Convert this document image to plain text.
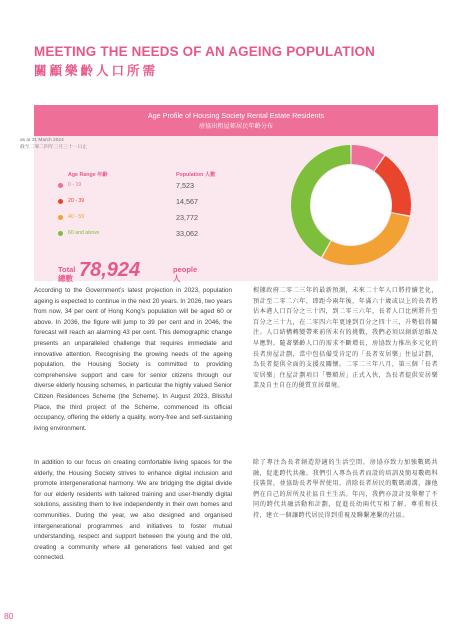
MEETING THE NEEDS OF AN AGEING POPULATION
關顧樂齡人口所需
Age Profile of Housing Society Rental Estate Residents
房協出租屋邨居民年齡分布
as at 31 March 2024
截至二零二四年三月三十一日止
Age Range 年齡	Population 人數
0 - 19	7,523
20 - 39	14,567
40 - 59	23,772
60 and above	33,062
Total
總數 78,924	people
人
According to the Government’s latest projection in 2023, population ageing is expected to continue in the next 20 years. In 2026, two years from now, 34 per cent of Hong Kong’s population will be aged 60 or above. In 2036, the figure will jump to 39 per cent and in 2046, the forecast will reach an alarming 43 per cent. This demographic change presents an unparalleled challenge that requires immediate and innovative attention. Recognising the growing needs of the ageing population, the Housing Society is committed to providing comprehensive support and care for senior citizens through our diverse elderly housing schemes, in particular the highly valued Senior Citizen Residences Scheme (the Scheme). In August 2023, Blissful Place, the third project of the Scheme, commenced its official occupancy, offering the elderly a quality, worry-free and self-sustaining living environment.
In addition to our focus on creating comfortable living spaces for the elderly, the Housing Society strives to enhance digital inclusion and promote intergenerational harmony. We are bridging the digital divide for our elderly residents with tailored training and user-friendly digital solutions, assisting them to live independently in their own homes and communities. During the year, we also designed and organised intergenerational programmes and initiatives to foster mutual understanding, respect and support between the young and the old, creating a community where all generations feel valued and get connected.
根據政府二零二三年的最新預測，未來二十年人口將持續老化，預計至二零二六年，即距今兩年後，年滿六十歲或以上的長者將佔本港人口百分之三十四，到二零三六年，長者人口比例將升至百分之三十九，在二零四六年更達到百分之四十三，升勢值得關注。人口結構轉變帶來前所未有的挑戰，我們必須以創新思維及早應對。隨著樂齡人口的需求不斷增長，房協致力推出多元化的長者房屋計劃，當中包括備受肯定的「長者安居樂」住屋計劃，為長者提供全面的支援及關懷。二零二三年八月，第三個「長者安居樂」住屋計劃項目「豐頤居」正式入伙，為長者提供安居樂業及自主自在的優質宜居環境。
除了專注為長者創造舒適的生活空間，房協亦致力加強數碼共融，促進跨代共融。我們引入專為長者而設的培訓及簡易數碼科技裝置，並協助長者學習使用，消除長者居民的數碼鴻溝，讓他們在自己的居所及社區自主生活。年內，我們亦設計及舉辦了不同的跨代共融活動和計劃，促進長幼兩代互相了解、尊重和扶持，建立一個讓跨代居民得到重視及聯繫連繫的社區。
80
